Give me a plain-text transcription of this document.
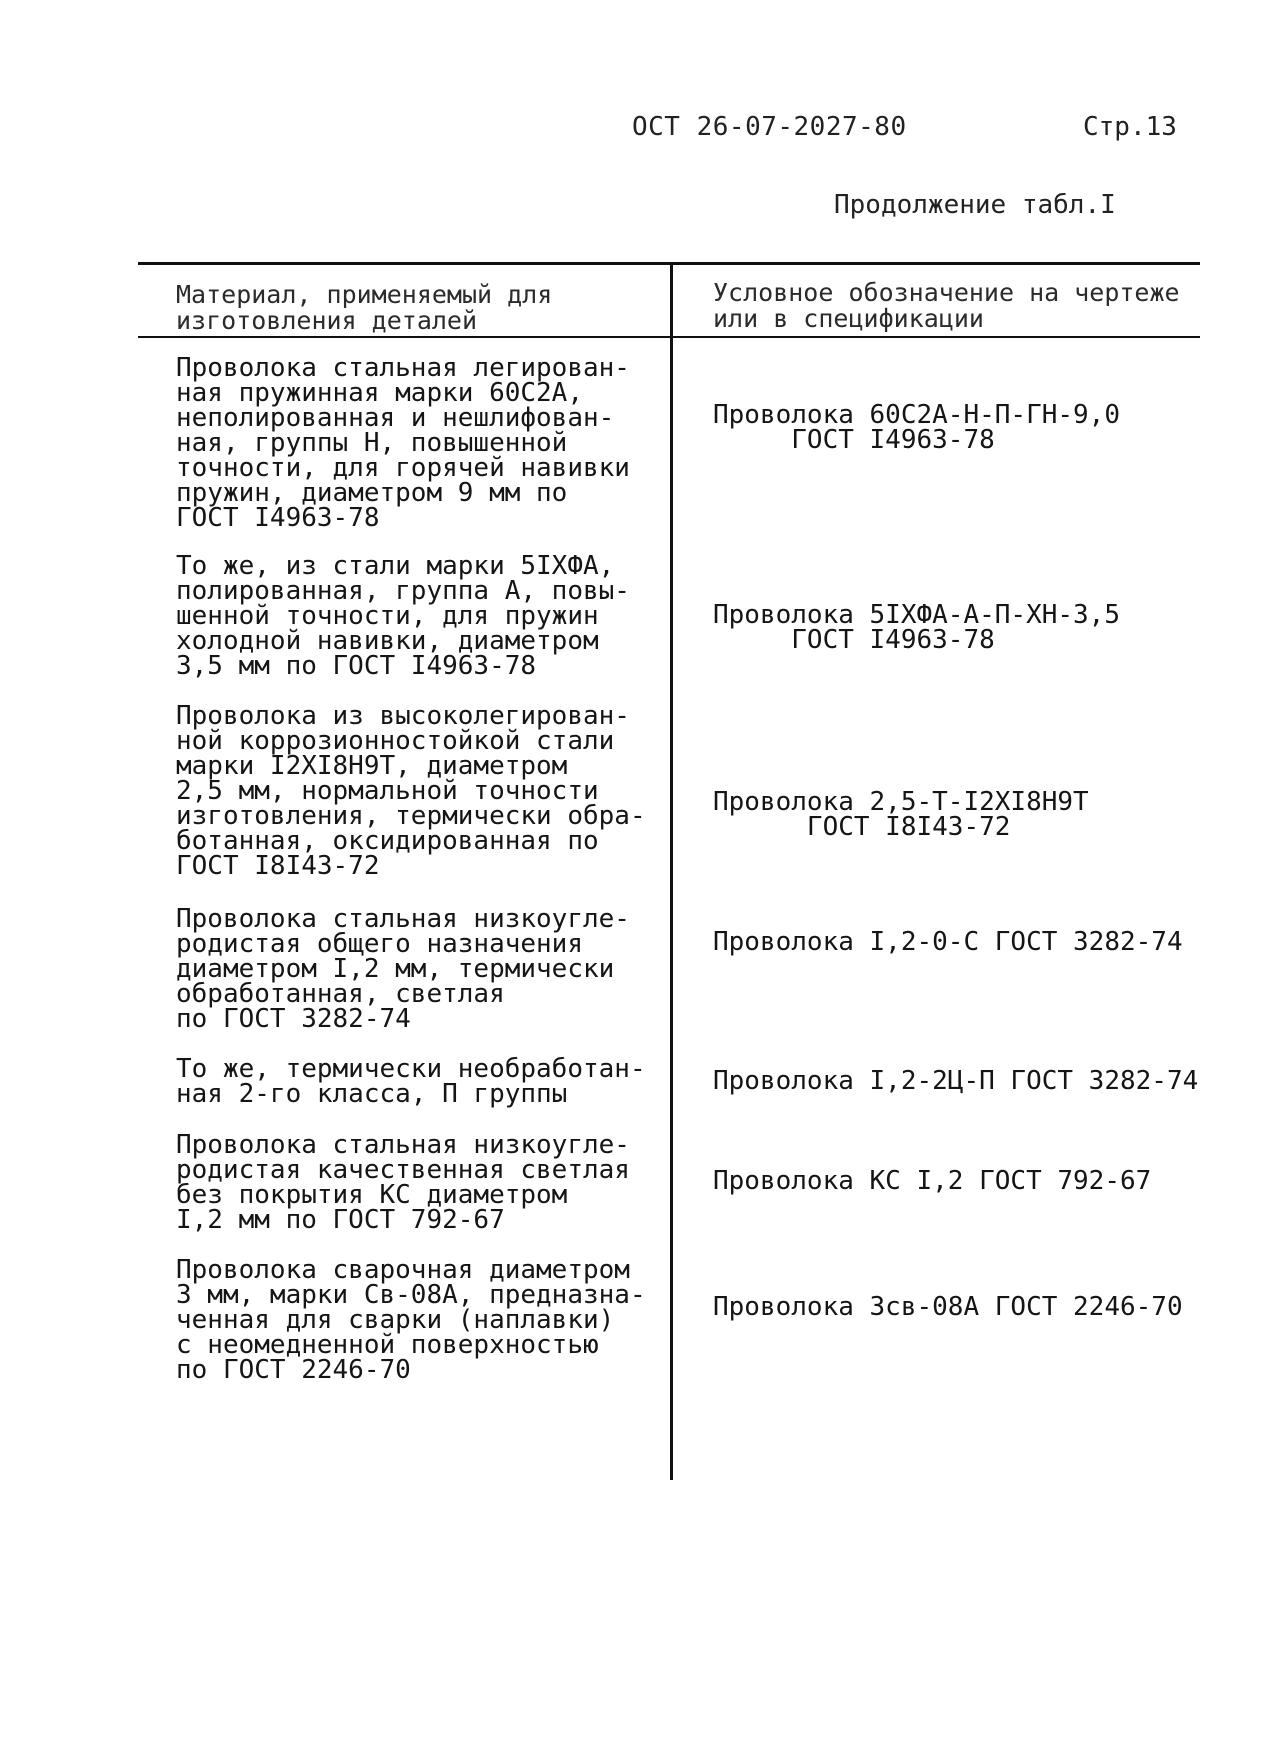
ОСТ 26-07-2027-80	Стр.13
Продолжение табл.I
Материал, применяемый для
изготовления деталей
Условное обозначение на чертеже
или в спецификации
Проволока стальная легирован-
ная пружинная марки 60С2А,
неполированная и нешлифован-
ная, группы Н, повышенной
точности, для горячей навивки
пружин, диаметром 9 мм по
ГОСТ I4963-78
Проволока 60С2А-Н-П-ГН-9,0
ГОСТ I4963-78
То же, из стали марки 5IХФА,
полированная, группа А, повы-
шенной точности, для пружин
холодной навивки, диаметром
3,5 мм по ГОСТ I4963-78
Проволока 5IХФА-А-П-ХН-3,5
ГОСТ I4963-78
Проволока из высоколегирован-
ной коррозионностойкой стали
марки I2ХI8Н9Т, диаметром
2,5 мм, нормальной точности
изготовления, термически обра-
ботанная, оксидированная по
ГОСТ I8I43-72
Проволока 2,5-Т-I2ХI8Н9Т
ГОСТ I8I43-72
Проволока стальная низкоугле-
родистая общего назначения
диаметром I,2 мм, термически
обработанная, светлая
по ГОСТ 3282-74
Проволока I,2-0-С ГОСТ 3282-74
То же, термически необработан-
ная 2-го класса, П группы	Проволока I,2-2Ц-П ГОСТ 3282-74
Проволока стальная низкоугле-
родистая качественная светлая
без покрытия КС диаметром
I,2 мм по ГОСТ 792-67
Проволока КС I,2 ГОСТ 792-67
Проволока сварочная диаметром
3 мм, марки Св-08А, предназна-
ченная для сварки (наплавки)
с неомедненной поверхностью
по ГОСТ 2246-70
Проволока 3св-08А ГОСТ 2246-70
